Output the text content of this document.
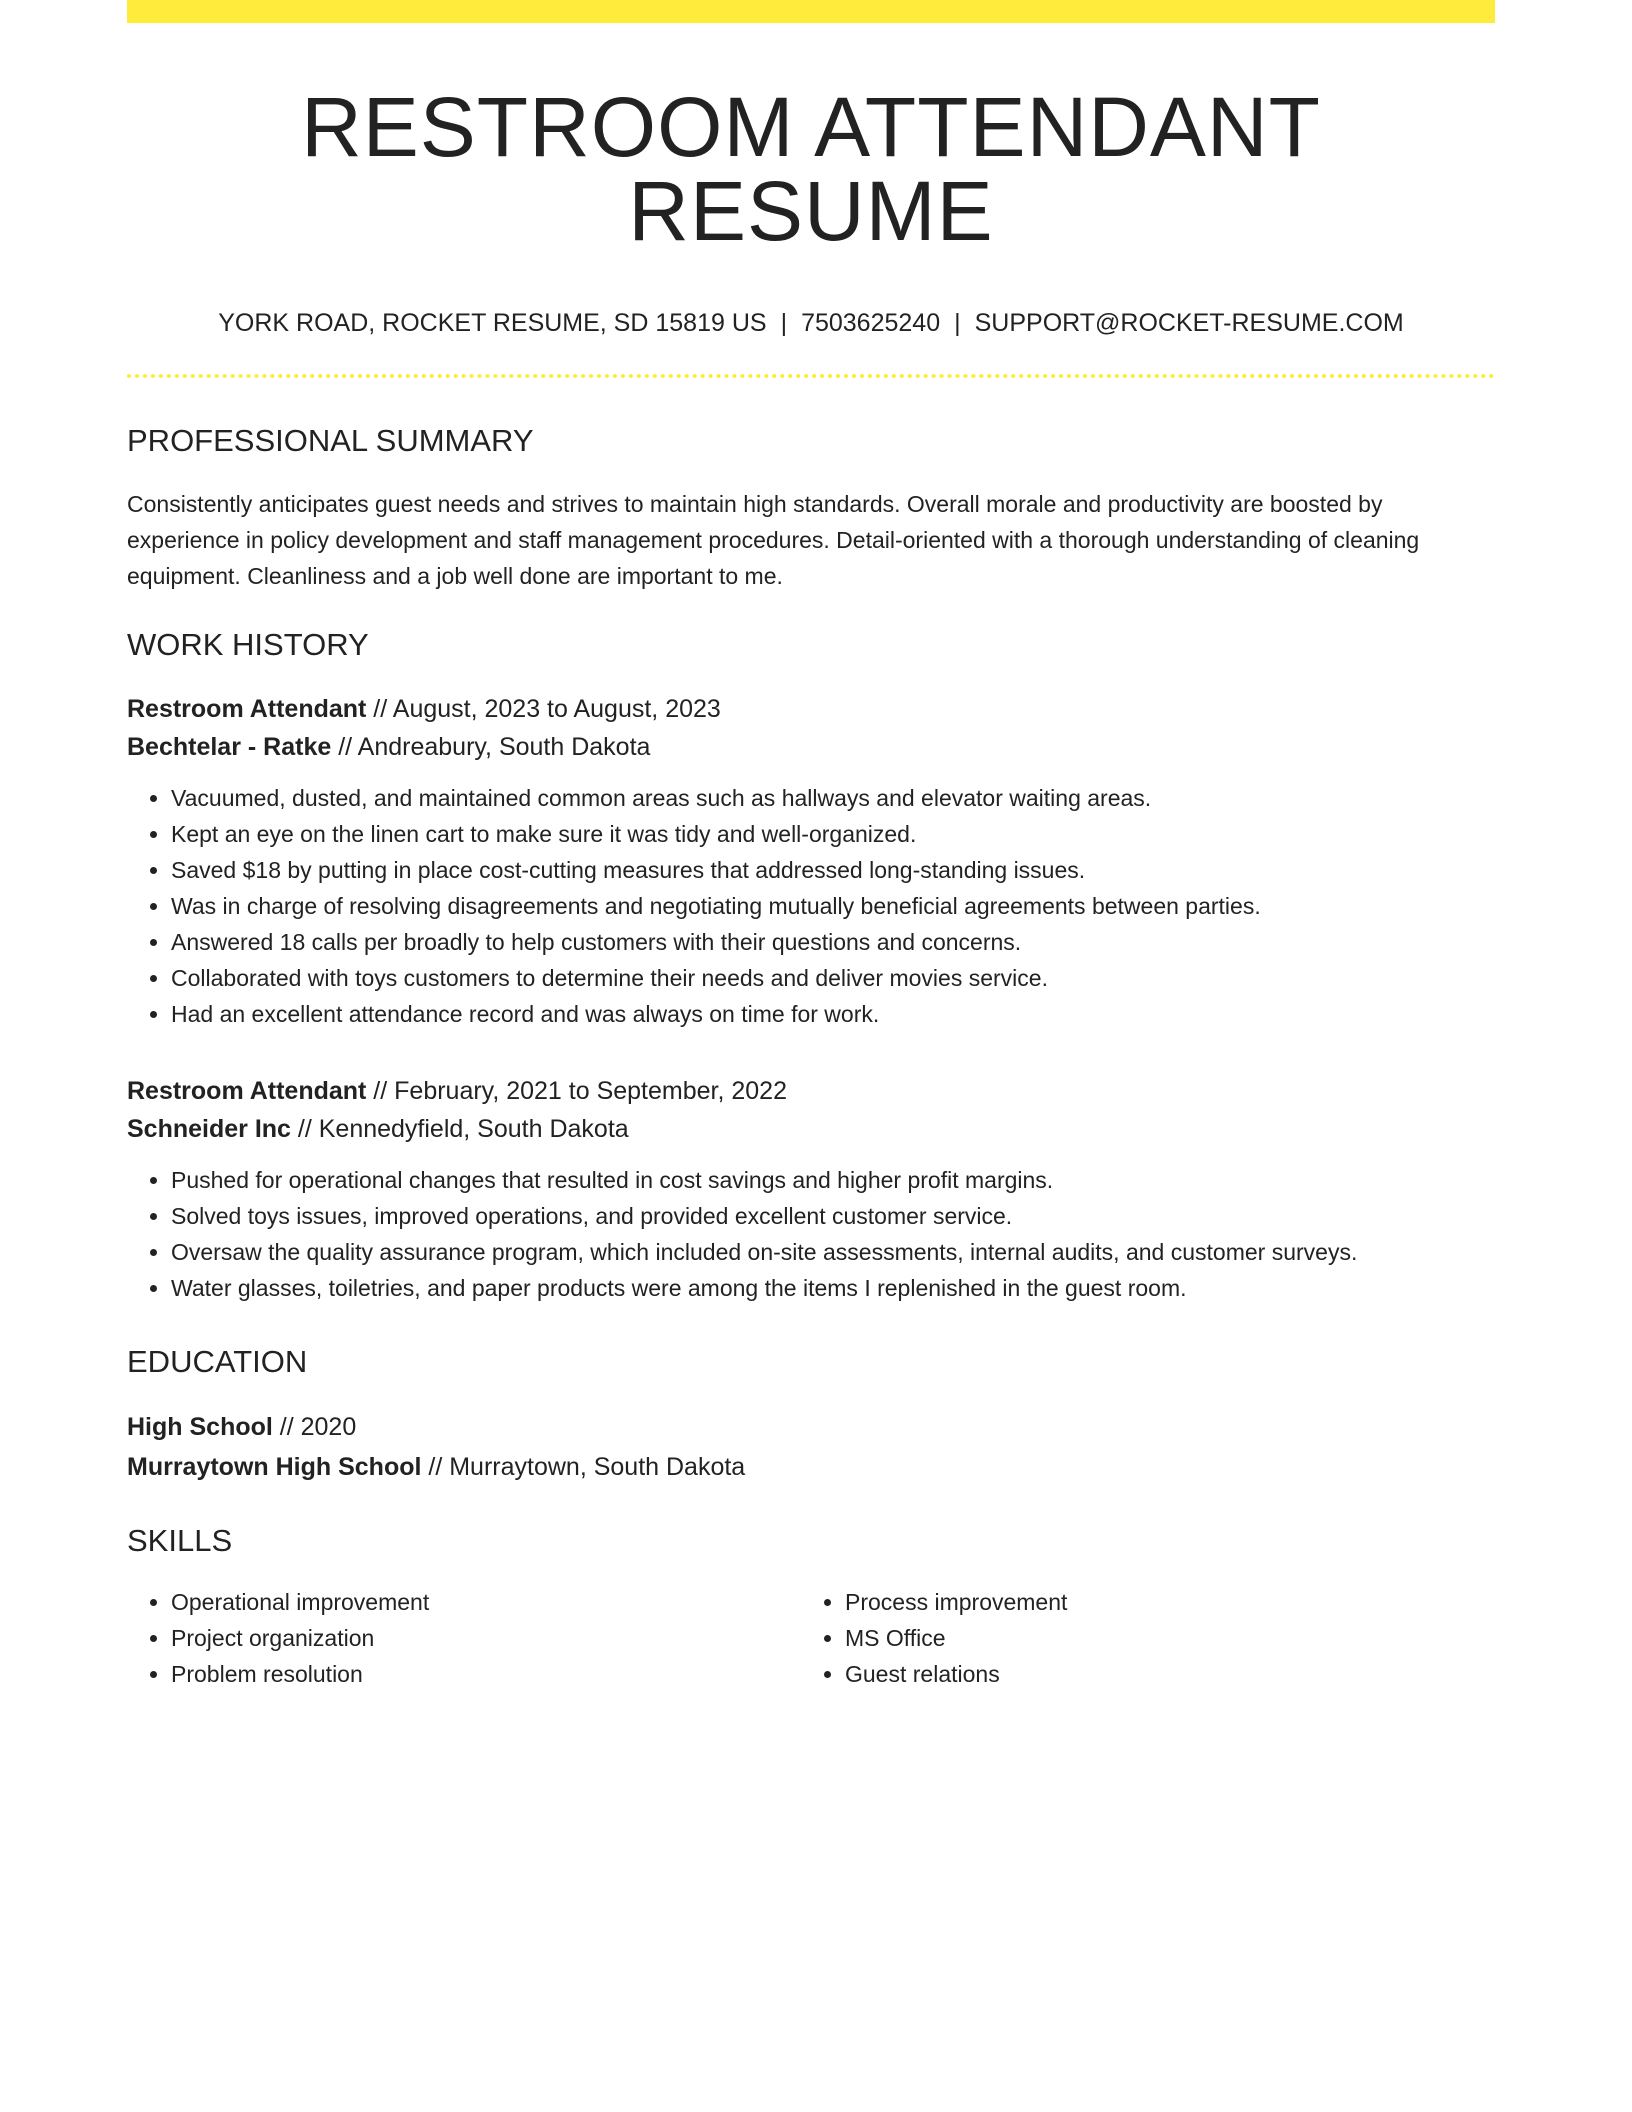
RESTROOM ATTENDANT RESUME
YORK ROAD, ROCKET RESUME, SD 15819 US | 7503625240 | SUPPORT@ROCKET-RESUME.COM
PROFESSIONAL SUMMARY
Consistently anticipates guest needs and strives to maintain high standards. Overall morale and productivity are boosted by experience in policy development and staff management procedures. Detail-oriented with a thorough understanding of cleaning equipment. Cleanliness and a job well done are important to me.
WORK HISTORY
Restroom Attendant // August, 2023 to August, 2023
Bechtelar - Ratke // Andreabury, South Dakota
• Vacuumed, dusted, and maintained common areas such as hallways and elevator waiting areas.
• Kept an eye on the linen cart to make sure it was tidy and well-organized.
• Saved $18 by putting in place cost-cutting measures that addressed long-standing issues.
• Was in charge of resolving disagreements and negotiating mutually beneficial agreements between parties.
• Answered 18 calls per broadly to help customers with their questions and concerns.
• Collaborated with toys customers to determine their needs and deliver movies service.
• Had an excellent attendance record and was always on time for work.
Restroom Attendant // February, 2021 to September, 2022
Schneider Inc // Kennedyfield, South Dakota
• Pushed for operational changes that resulted in cost savings and higher profit margins.
• Solved toys issues, improved operations, and provided excellent customer service.
• Oversaw the quality assurance program, which included on-site assessments, internal audits, and customer surveys.
• Water glasses, toiletries, and paper products were among the items I replenished in the guest room.
EDUCATION
High School // 2020
Murraytown High School // Murraytown, South Dakota
SKILLS
• Operational improvement
• Project organization
• Problem resolution
• Process improvement
• MS Office
• Guest relations
